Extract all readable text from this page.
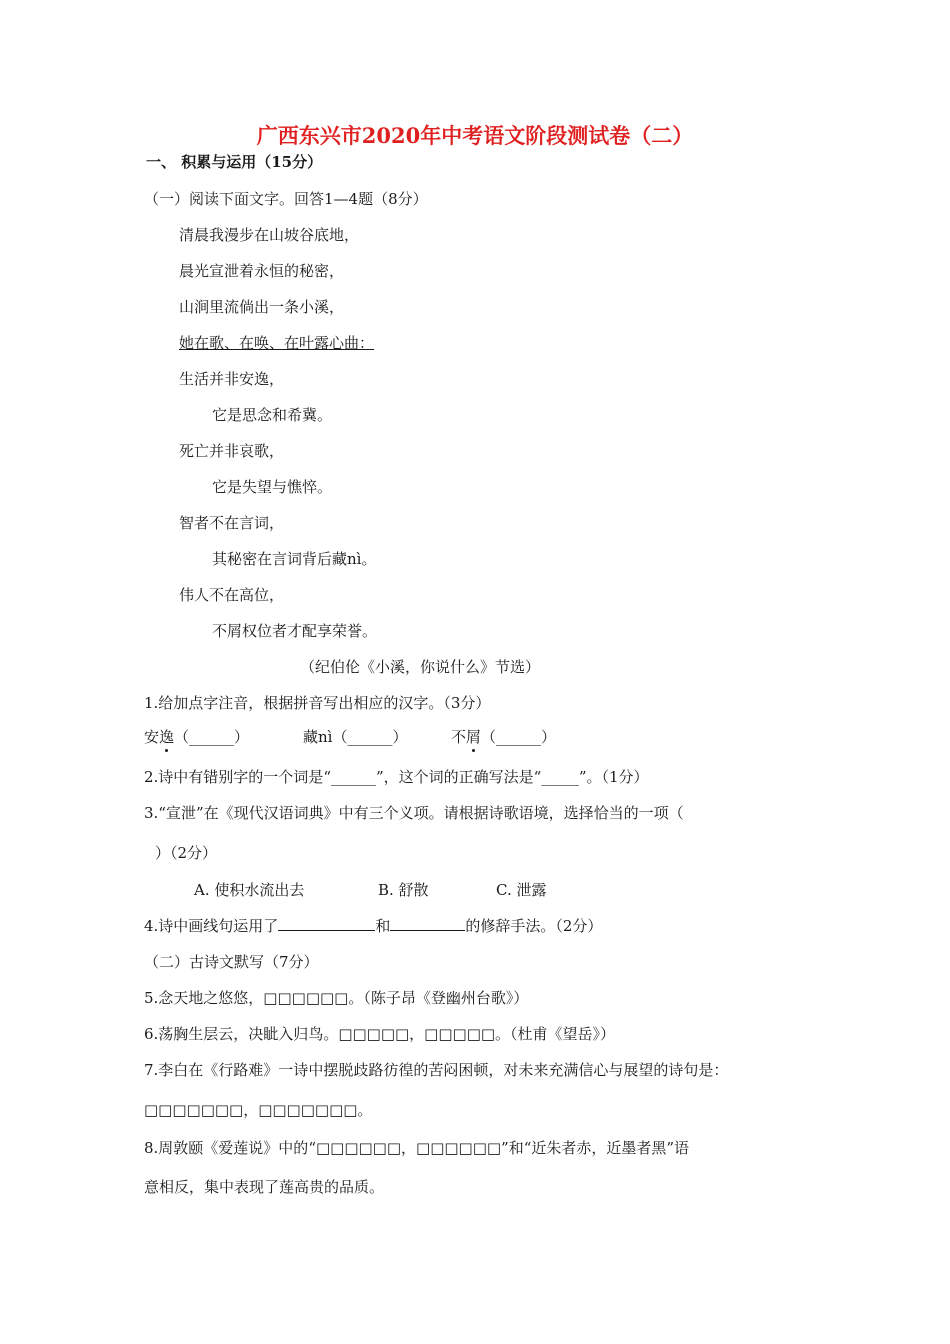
广西东兴市2020年中考语文阶段测试卷（二）
一、 积累与运用（15分）
（一）阅读下面文字。回答1—4题（8分）
清晨我漫步在山坡谷底地，
晨光宣泄着永恒的秘密，
山涧里流倘出一条小溪，
她在歌、在唤、在叶露心曲：
生活并非安逸，
它是思念和希冀。
死亡并非哀歌，
它是失望与憔悴。
智者不在言词，
其秘密在言词背后藏nì。
伟人不在高位，
不屑权位者才配享荣誉。
（纪伯伦《小溪，你说什么》节选）
1.给加点字注音，根据拼音写出相应的汉字。（3分）
安逸（______）	藏nì（______）	不屑（______）
2.诗中有错别字的一个词是“______”，这个词的正确写法是“_____”。（1分）
3.“宣泄”在《现代汉语词典》中有三个义项。请根据诗歌语境，选择恰当的一项（
）（2分）
A. 使积水流出去	B. 舒散	C. 泄露
4.诗中画线句运用了	和	的修辞手法。（2分）
（二）古诗文默写（7分）
5.念天地之悠悠，□□□□□□。（陈子昂《登幽州台歌》）
6.荡胸生层云，决眦入归鸟。□□□□□，□□□□□。（杜甫《望岳》）
7.李白在《行路难》一诗中摆脱歧路彷徨的苦闷困顿，对未来充满信心与展望的诗句是：
□□□□□□□，□□□□□□□。
8.周敦颐《爱莲说》中的“□□□□□□，□□□□□□”和“近朱者赤，近墨者黑”语
意相反，集中表现了莲高贵的品质。
